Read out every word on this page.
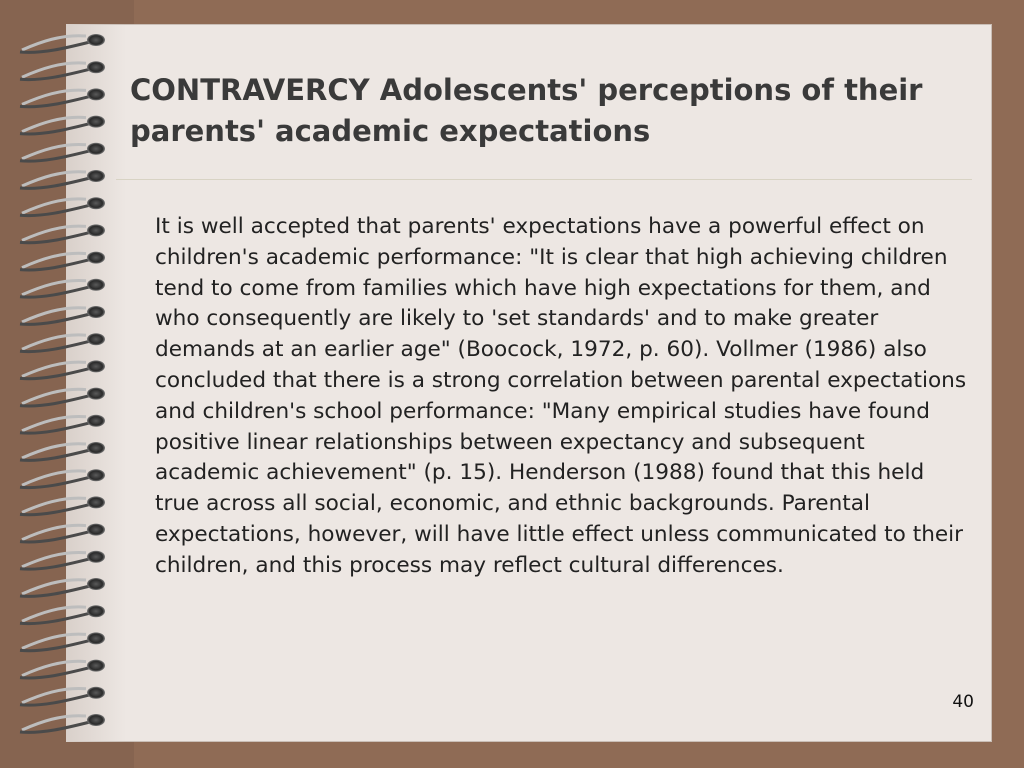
CONTRAVERCY Adolescents' perceptions of their parents' academic expectations
It is well accepted that parents' expectations have a powerful effect on children's academic performance: "It is clear that high achieving children tend to come from families which have high expectations for them, and who consequently are likely to 'set standards' and to make greater demands at an earlier age" (Boocock, 1972, p. 60). Vollmer (1986) also concluded that there is a strong correlation between parental expectations and children's school performance: "Many empirical studies have found positive linear relationships between expectancy and subsequent academic achievement" (p. 15). Henderson (1988) found that this held true across all social, economic, and ethnic backgrounds. Parental expectations, however, will have little effect unless communicated to their children, and this process may reflect cultural differences.
40
